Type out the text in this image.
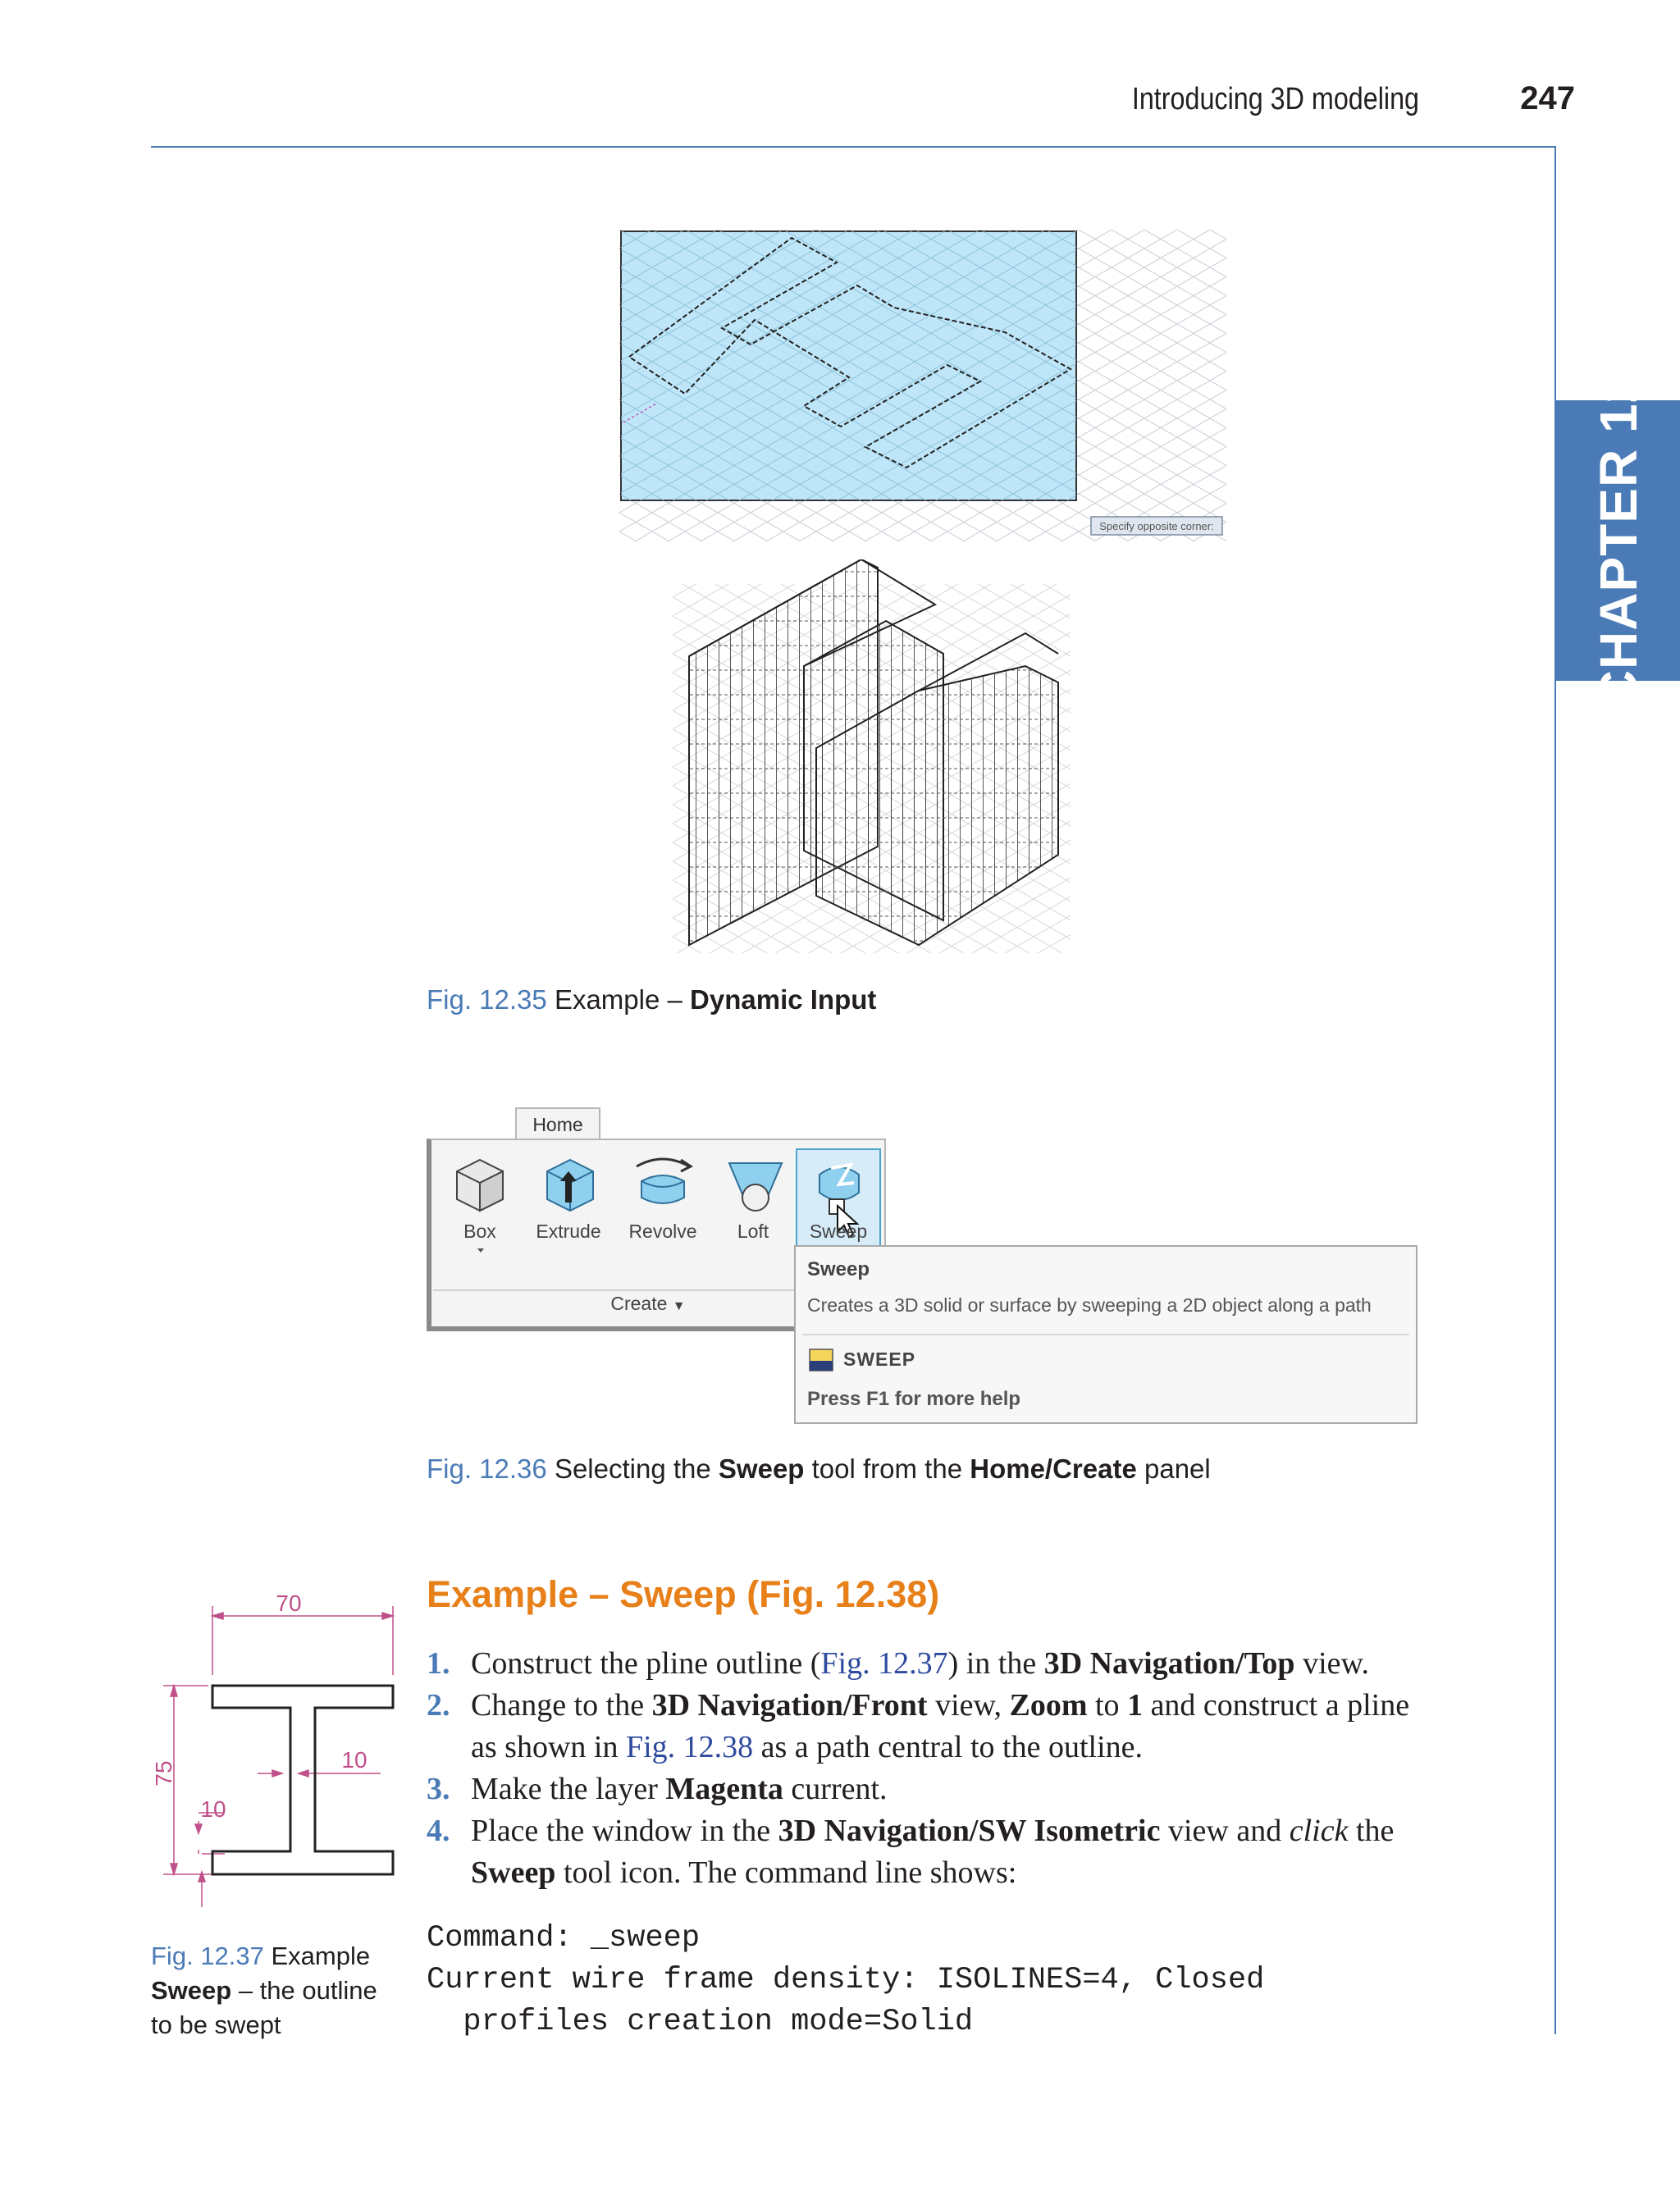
Introducing 3D modeling	247
CHAPTER 12
Specify opposite corner:
Fig. 12.35 Example – Dynamic Input
Home
Box	Extrude	Revolve	Loft	Sweep
Create ▼
Sweep
Creates a 3D solid or surface by sweeping a 2D object along a path
SWEEP
Press F1 for more help
Fig. 12.36 Selecting the Sweep tool from the Home/Create panel
70
10
10
75
Fig. 12.37 Example Sweep – the outline to be swept
Example – Sweep (Fig. 12.38)
1. Construct the pline outline (Fig. 12.37) in the 3D Navigation/Top view.
2. Change to the 3D Navigation/Front view, Zoom to 1 and construct a pline as shown in Fig. 12.38 as a path central to the outline.
3. Make the layer Magenta current.
4. Place the window in the 3D Navigation/SW Isometric view and click the Sweep tool icon. The command line shows:
Command: _sweep
Current wire frame density: ISOLINES=4, Closed
profiles creation mode=Solid
